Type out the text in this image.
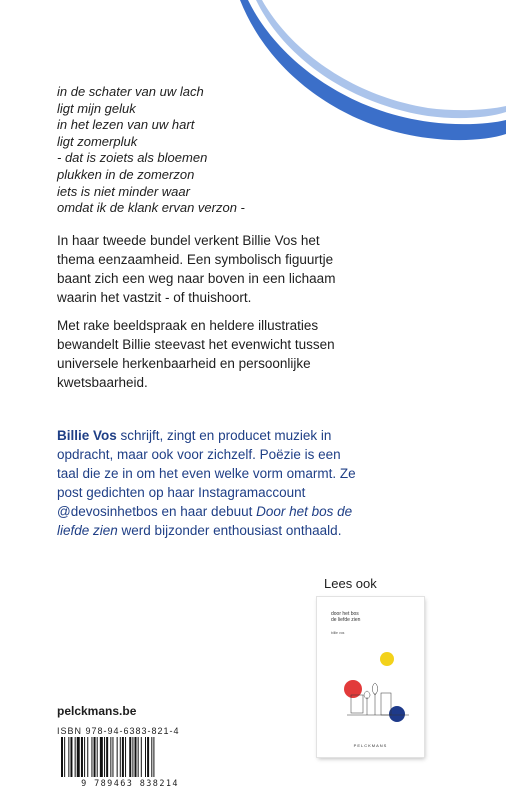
in de schater van uw lach
ligt mijn geluk
in het lezen van uw hart
ligt zomerpluk
- dat is zoiets als bloemen
plukken in de zomerzon
iets is niet minder waar
omdat ik de klank ervan verzon -
In haar tweede bundel verkent Billie Vos het thema eenzaamheid. Een symbolisch figuurtje baant zich een weg naar boven in een lichaam waarin het vastzit - of thuishoort.
Met rake beeldspraak en heldere illustraties bewandelt Billie steevast het evenwicht tussen universele herkenbaarheid en persoonlijke kwetsbaarheid.
Billie Vos schrijft, zingt en producet muziek in opdracht, maar ook voor zichzelf. Poëzie is een taal die ze in om het even welke vorm omarmt. Ze post gedichten op haar Instagramaccount @devosinhetbos en haar debuut Door het bos de liefde zien werd bijzonder enthousiast onthaald.
Lees ook
door het bos
de liefde zien
billie vos
PELCKMANS
pelckmans.be
ISBN 978-94-6383-821-4
9 789463 838214
